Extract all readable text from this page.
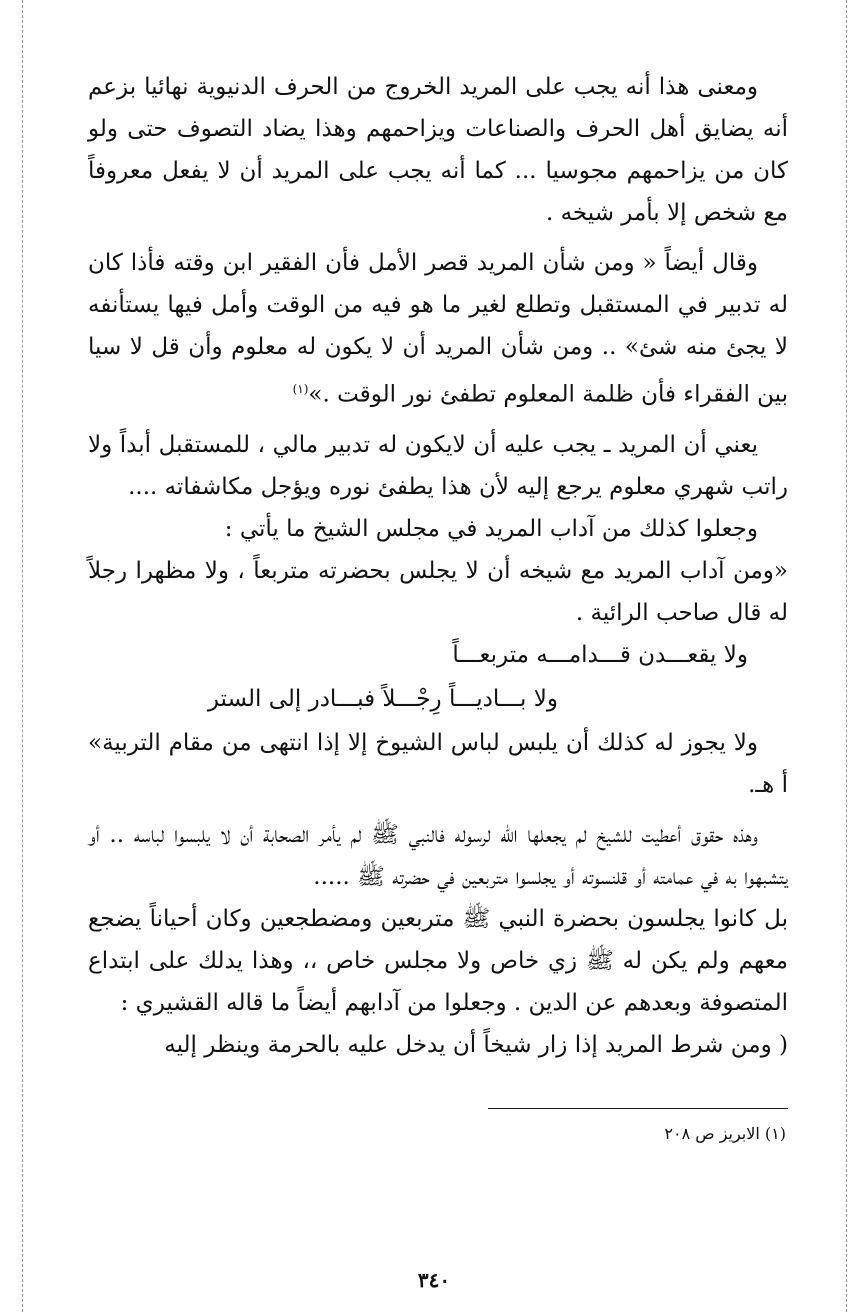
ومعنى هذا أنه يجب على المريد الخروج من الحرف الدنيوية نهائيا بزعم أنه يضايق أهل الحرف والصناعات ويزاحمهم وهذا يضاد التصوف حتى ولو كان من يزاحمهم مجوسيا ... كما أنه يجب على المريد أن لا يفعل معروفاً مع شخص إلا بأمر شيخه .

وقال أيضاً « ومن شأن المريد قصر الأمل فأن الفقير ابن وقته فأذا كان له تدبير في المستقبل وتطلع لغير ما هو فيه من الوقت وأمل فيها يستأنفه لا يجئ منه شئ» .. ومن شأن المريد أن لا يكون له معلوم وأن قل لا سيا بين الفقراء فأن ظلمة المعلوم تطفئ نور الوقت .»$^{(١)}$

يعني أن المريد ـ يجب عليه أن لايكون له تدبير مالي ، للمستقبل أبداً ولا راتب شهري معلوم يرجع إليه لأن هذا يطفئ نوره ويؤجل مكاشفاته ....

وجعلوا كذلك من آداب المريد في مجلس الشيخ ما يأتي :

«ومن آداب المريد مع شيخه أن لا يجلس بحضرته متربعاً ، ولا مظهرا رجلاً له قال صاحب الرائية .

ولا يقعـــدن قـــدامـــه متربعـــاً
ولا بـــاديـــاً رِجْـــلاً فبـــادر إلى الستر

ولا يجوز له كذلك أن يلبس لباس الشيوخ إلا إذا انتهى من مقام التربية» أ هـ.

وهذه حقوق أعطيت للشيخ لم يجعلها الله لرسوله فالنبي ﷺ لم يأمر الصحابة أن لا يلبسوا لباسه .. أو يتشبهوا به في عمامته أو قلنسوته أو يجلسوا متربعين في حضرته ﷺ .....

بل كانوا يجلسون بحضرة النبي ﷺ متربعين ومضطجعين وكان أحياناً يضجع معهم ولم يكن له ﷺ زي خاص ولا مجلس خاص ،، وهذا يدلك على ابتداع المتصوفة وبعدهم عن الدين . وجعلوا من آدابهم أيضاً ما قاله القشيري :

( ومن شرط المريد إذا زار شيخاً أن يدخل عليه بالحرمة وينظر إليه

(١) الابريز ص ٢٠٨
٣٤٠
